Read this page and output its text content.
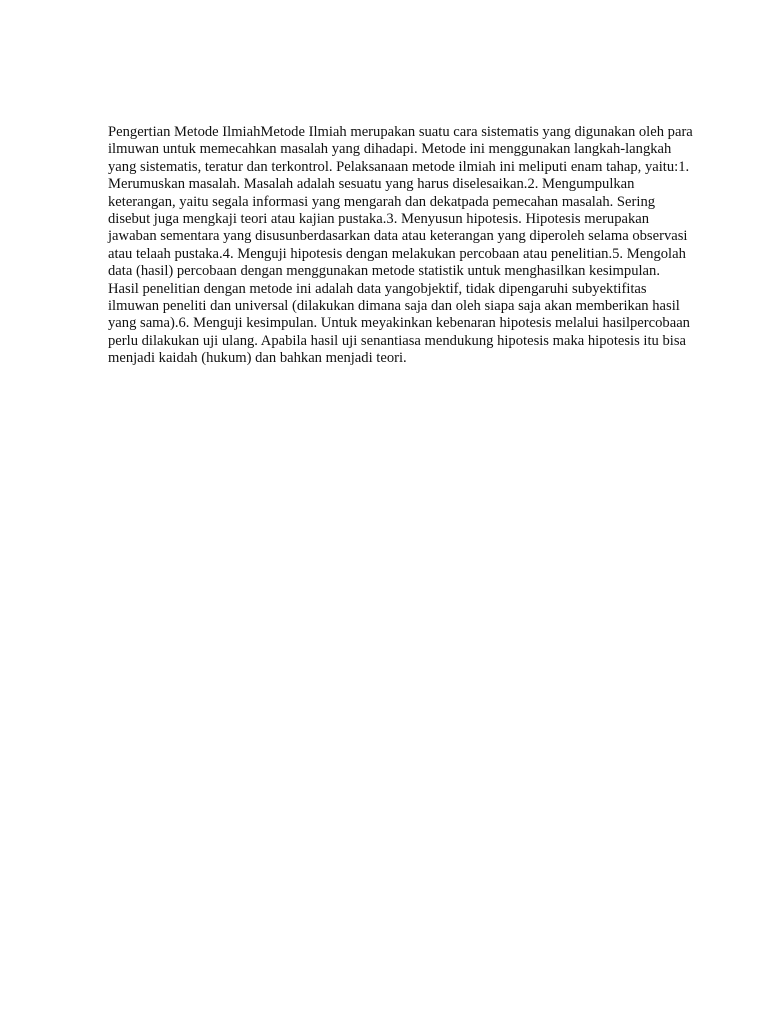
Pengertian Metode IlmiahMetode Ilmiah merupakan suatu cara sistematis yang digunakan oleh para ilmuwan untuk memecahkan masalah yang dihadapi. Metode ini menggunakan langkah-langkah yang sistematis, teratur dan terkontrol. Pelaksanaan metode ilmiah ini meliputi enam tahap, yaitu:1. Merumuskan masalah. Masalah adalah sesuatu yang harus diselesaikan.2. Mengumpulkan keterangan, yaitu segala informasi yang mengarah dan dekatpada pemecahan masalah. Sering disebut juga mengkaji teori atau kajian pustaka.3. Menyusun hipotesis. Hipotesis merupakan jawaban sementara yang disusunberdasarkan data atau keterangan yang diperoleh selama observasi atau telaah pustaka.4. Menguji hipotesis dengan melakukan percobaan atau penelitian.5. Mengolah data (hasil) percobaan dengan menggunakan metode statistik untuk menghasilkan kesimpulan. Hasil penelitian dengan metode ini adalah data yangobjektif, tidak dipengaruhi subyektifitas ilmuwan peneliti dan universal (dilakukan dimana saja dan oleh siapa saja akan memberikan hasil yang sama).6. Menguji kesimpulan. Untuk meyakinkan kebenaran hipotesis melalui hasilpercobaan perlu dilakukan uji ulang. Apabila hasil uji senantiasa mendukung hipotesis maka hipotesis itu bisa menjadi kaidah (hukum) dan bahkan menjadi teori.
